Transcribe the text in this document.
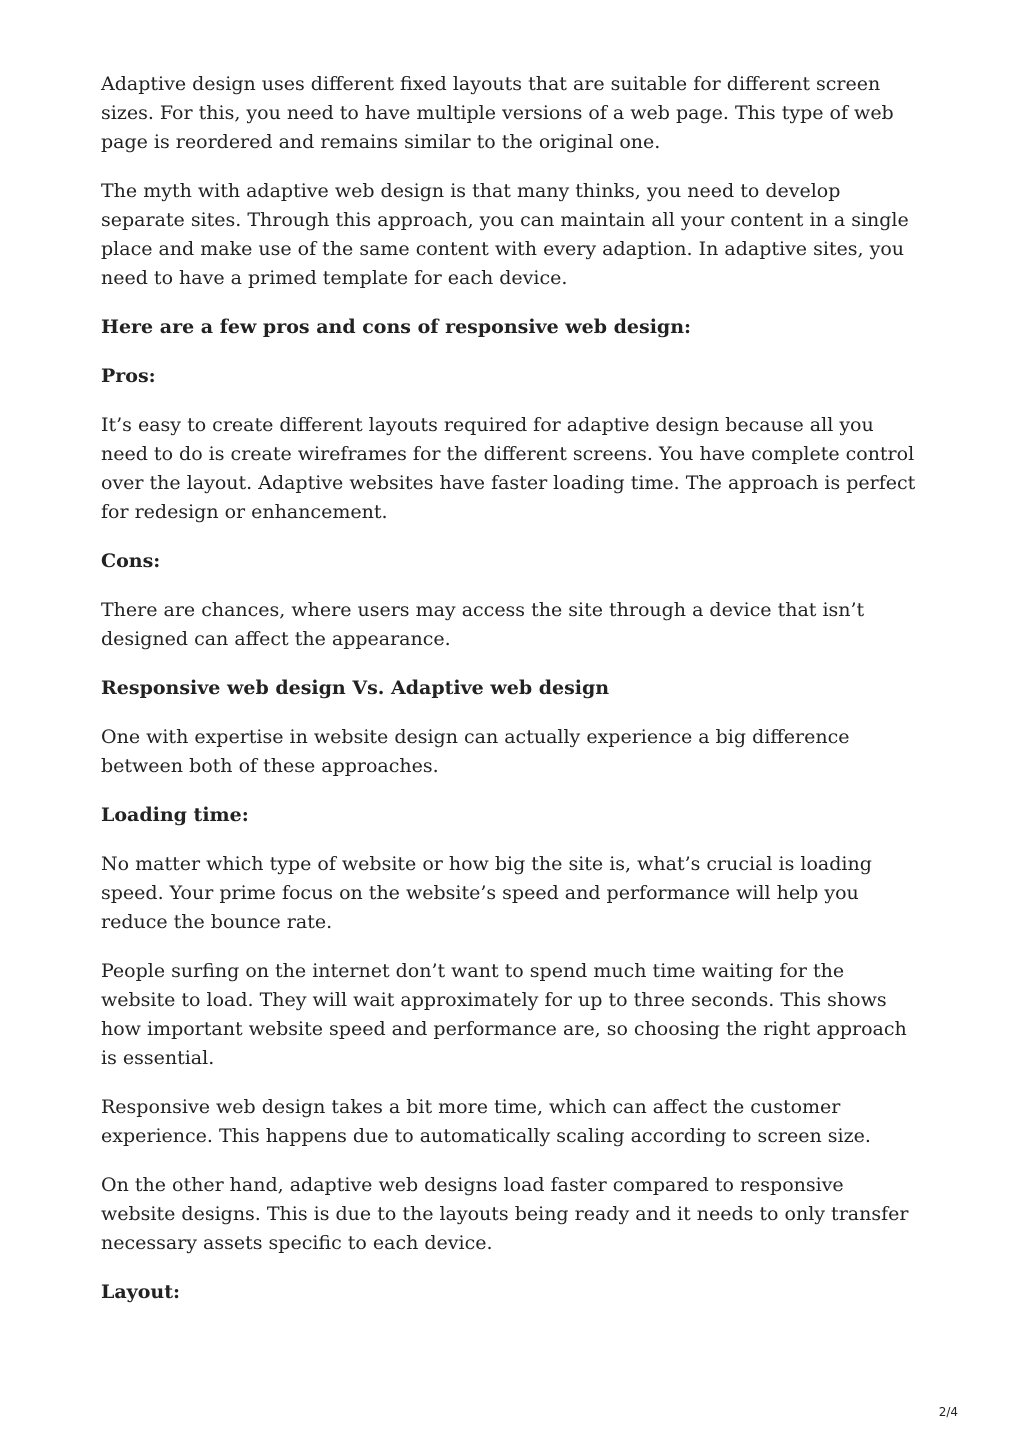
Adaptive design uses different fixed layouts that are suitable for different screen sizes. For this, you need to have multiple versions of a web page. This type of web page is reordered and remains similar to the original one.

The myth with adaptive web design is that many thinks, you need to develop separate sites. Through this approach, you can maintain all your content in a single place and make use of the same content with every adaption. In adaptive sites, you need to have a primed template for each device.

Here are a few pros and cons of responsive web design:

Pros:

It’s easy to create different layouts required for adaptive design because all you need to do is create wireframes for the different screens. You have complete control over the layout. Adaptive websites have faster loading time. The approach is perfect for redesign or enhancement.

Cons:

There are chances, where users may access the site through a device that isn’t designed can affect the appearance.

Responsive web design Vs. Adaptive web design

One with expertise in website design can actually experience a big difference between both of these approaches.

Loading time:

No matter which type of website or how big the site is, what’s crucial is loading speed. Your prime focus on the website’s speed and performance will help you reduce the bounce rate.

People surfing on the internet don’t want to spend much time waiting for the website to load. They will wait approximately for up to three seconds. This shows how important website speed and performance are, so choosing the right approach is essential.

Responsive web design takes a bit more time, which can affect the customer experience. This happens due to automatically scaling according to screen size.

On the other hand, adaptive web designs load faster compared to responsive website designs. This is due to the layouts being ready and it needs to only transfer necessary assets specific to each device.

Layout:

2/4
